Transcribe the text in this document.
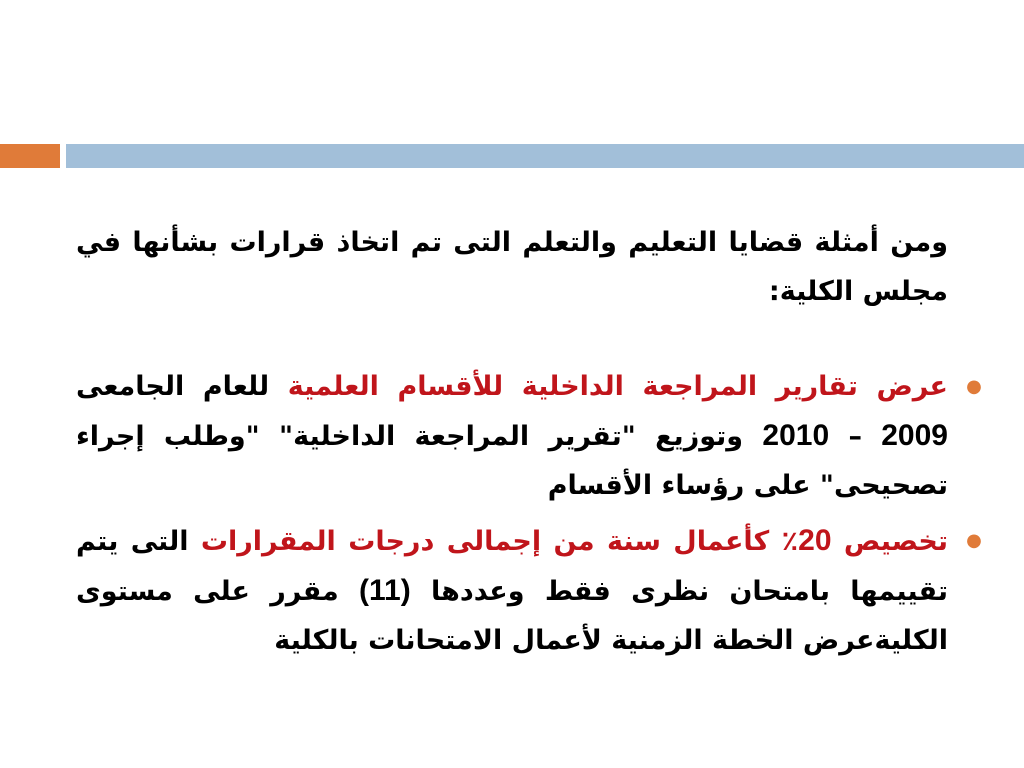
ومن أمثلة قضايا التعليم والتعلم التى تم اتخاذ قرارات بشأنها في مجلس الكلية:

●
عرض تقارير المراجعة الداخلية للأقسام العلمية للعام الجامعى 2009 – 2010 وتوزيع "تقرير المراجعة الداخلية" "وطلب إجراء تصحيحى" على رؤساء الأقسام
●
تخصيص 20٪ كأعمال سنة من إجمالى درجات المقرارات التى يتم تقييمها بامتحان نظرى فقط وعددها (11) مقرر على مستوى الكليةعرض الخطة الزمنية لأعمال الامتحانات بالكلية
